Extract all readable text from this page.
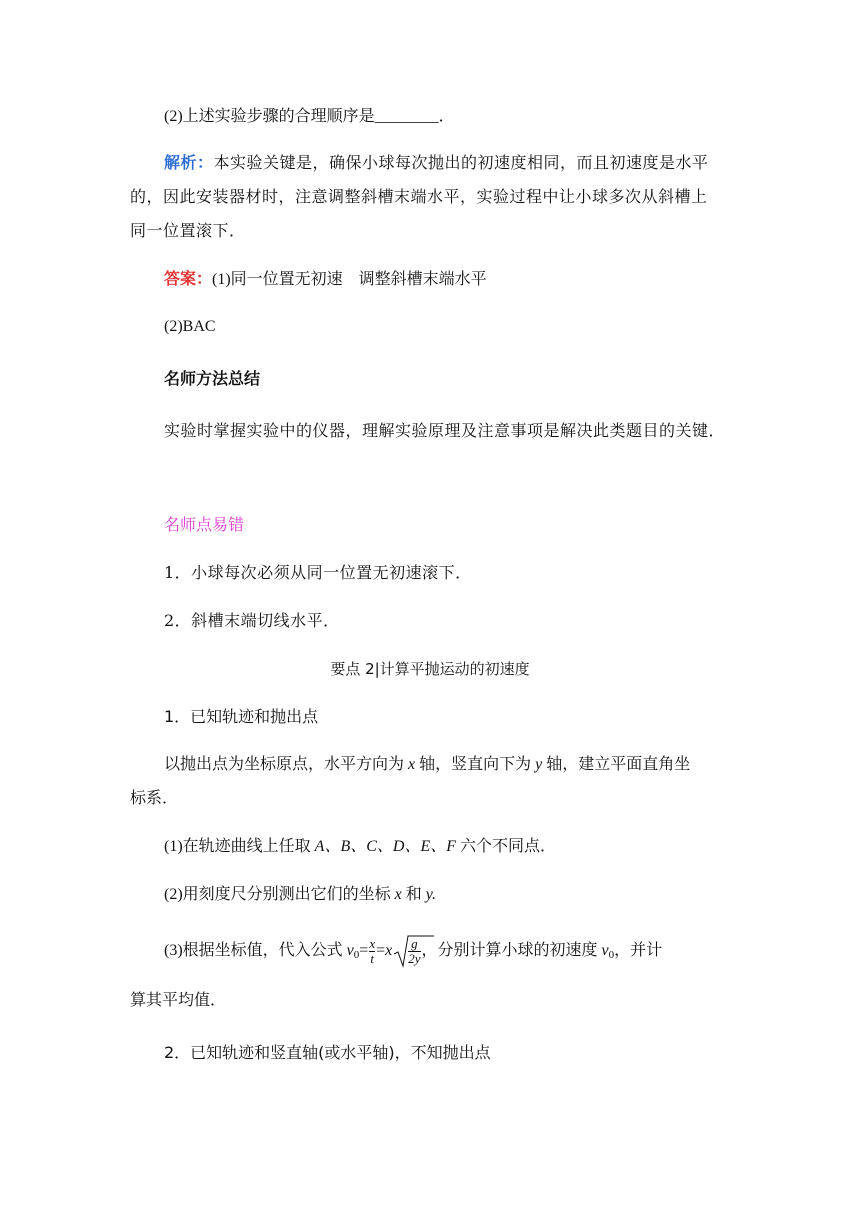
(2)上述实验步骤的合理顺序是________．
解析：本实验关键是，确保小球每次抛出的初速度相同，而且初速度是水平
的，因此安装器材时，注意调整斜槽末端水平，实验过程中让小球多次从斜槽上
同一位置滚下．
答案：(1)同一位置无初速　调整斜槽末端水平
(2)BAC
名师方法总结
实验时掌握实验中的仪器，理解实验原理及注意事项是解决此类题目的关键．
名师点易错
1．小球每次必须从同一位置无初速滚下．
2．斜槽末端切线水平．
要点 2|计算平抛运动的初速度
1．已知轨迹和抛出点
以抛出点为坐标原点，水平方向为 x 轴，竖直向下为 y 轴，建立平面直角坐
标系．
(1)在轨迹曲线上任取 A、B、C、D、E、F 六个不同点．
(2)用刻度尺分别测出它们的坐标 x 和 y.
(3)根据坐标值，代入公式 $v_0= \frac{x}{t} =x \frac{g}{2y}$ ，分别计算小球的初速度 $v_0$，并计
算其平均值．
2．已知轨迹和竖直轴(或水平轴)，不知抛出点
